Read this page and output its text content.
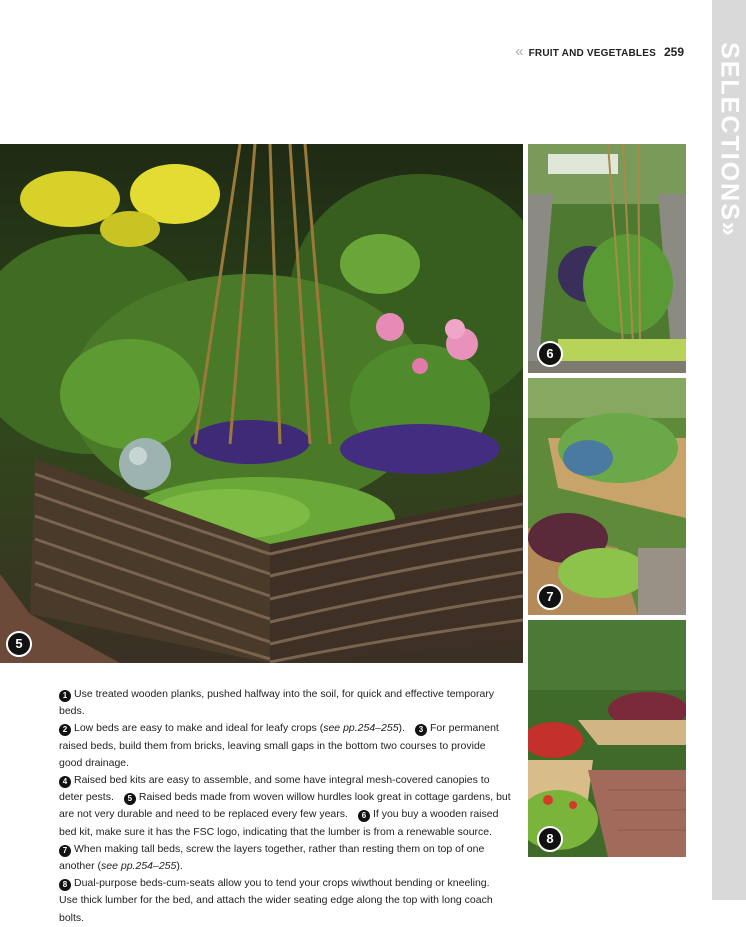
SELECTIONS»
« FRUIT AND VEGETABLES 259
5
6
7
8
1 Use treated wooden planks, pushed halfway into the soil, for quick and effective temporary beds.
2 Low beds are easy to make and ideal for leafy crops (see pp.254–255). 3 For permanent raised beds, build them from bricks, leaving small gaps in the bottom two courses to provide good drainage.
4 Raised bed kits are easy to assemble, and some have integral mesh-covered canopies to deter pests. 5 Raised beds made from woven willow hurdles look great in cottage gardens, but are not very durable and need to be replaced every few years. 6 If you buy a wooden raised bed kit, make sure it has the FSC logo, indicating that the lumber is from a renewable source.7 When making tall beds, screw the layers together, rather than resting them on top of one another (see pp.254–255).
8 Dual-purpose beds-cum-seats allow you to tend your crops wiwthout bending or kneeling. Use thick lumber for the bed, and attach the wider seating edge along the top with long coach bolts.
